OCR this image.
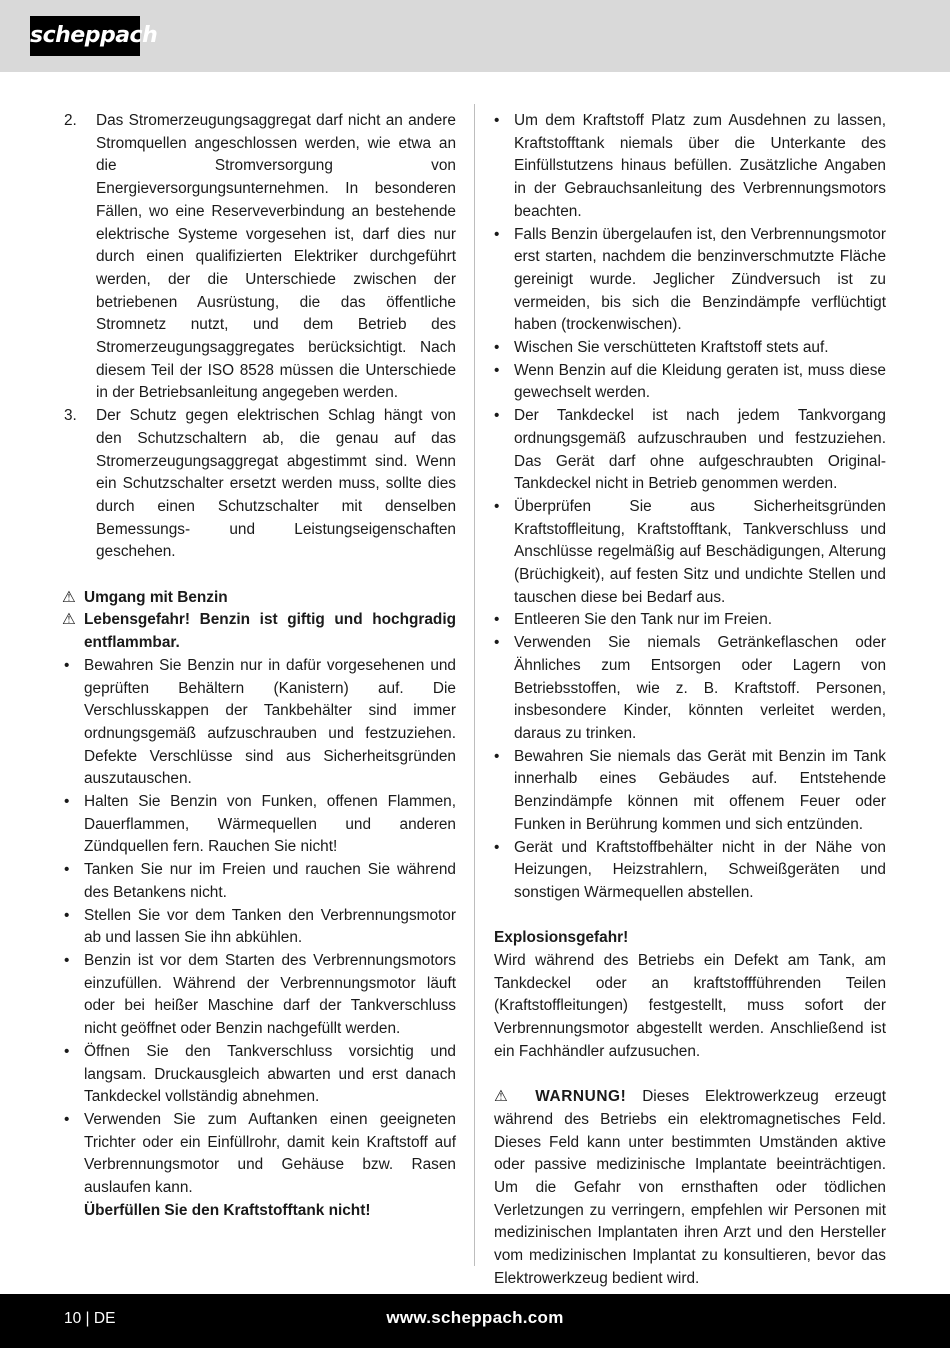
scheppach
2. Das Stromerzeugungsaggregat darf nicht an andere Stromquellen angeschlossen werden, wie etwa an die Stromversorgung von Energieversorgungsunternehmen. In besonderen Fällen, wo eine Reserveverbindung an bestehende elektrische Systeme vorgesehen ist, darf dies nur durch einen qualifizierten Elektriker durchgeführt werden, der die Unterschiede zwischen der betriebenen Ausrüstung, die das öffentliche Stromnetz nutzt, und dem Betrieb des Stromerzeugungsaggregates berücksichtigt. Nach diesem Teil der ISO 8528 müssen die Unterschiede in der Betriebsanleitung angegeben werden.
3. Der Schutz gegen elektrischen Schlag hängt von den Schutzschaltern ab, die genau auf das Stromerzeugungsaggregat abgestimmt sind. Wenn ein Schutzschalter ersetzt werden muss, sollte dies durch einen Schutzschalter mit denselben Bemessungs- und Leistungseigenschaften geschehen.
⚠ Umgang mit Benzin
⚠ Lebensgefahr! Benzin ist giftig und hochgradig entflammbar.
• Bewahren Sie Benzin nur in dafür vorgesehenen und geprüften Behältern (Kanistern) auf. Die Verschlusskappen der Tankbehälter sind immer ordnungsgemäß aufzuschrauben und festzuziehen. Defekte Verschlüsse sind aus Sicherheitsgründen auszutauschen.
• Halten Sie Benzin von Funken, offenen Flammen, Dauerflammen, Wärmequellen und anderen Zündquellen fern. Rauchen Sie nicht!
• Tanken Sie nur im Freien und rauchen Sie während des Betankens nicht.
• Stellen Sie vor dem Tanken den Verbrennungsmotor ab und lassen Sie ihn abkühlen.
• Benzin ist vor dem Starten des Verbrennungsmotors einzufüllen. Während der Verbrennungsmotor läuft oder bei heißer Maschine darf der Tankverschluss nicht geöffnet oder Benzin nachgefüllt werden.
• Öffnen Sie den Tankverschluss vorsichtig und langsam. Druckausgleich abwarten und erst danach Tankdeckel vollständig abnehmen.
• Verwenden Sie zum Auftanken einen geeigneten Trichter oder ein Einfüllrohr, damit kein Kraftstoff auf Verbrennungsmotor und Gehäuse bzw. Rasen auslaufen kann.
Überfüllen Sie den Kraftstofftank nicht!
• Um dem Kraftstoff Platz zum Ausdehnen zu lassen, Kraftstofftank niemals über die Unterkante des Einfüllstutzens hinaus befüllen. Zusätzliche Angaben in der Gebrauchsanleitung des Verbrennungsmotors beachten.
• Falls Benzin übergelaufen ist, den Verbrennungsmotor erst starten, nachdem die benzinverschmutzte Fläche gereinigt wurde. Jeglicher Zündversuch ist zu vermeiden, bis sich die Benzindämpfe verflüchtigt haben (trockenwischen).
• Wischen Sie verschütteten Kraftstoff stets auf.
• Wenn Benzin auf die Kleidung geraten ist, muss diese gewechselt werden.
• Der Tankdeckel ist nach jedem Tankvorgang ordnungsgemäß aufzuschrauben und festzuziehen. Das Gerät darf ohne aufgeschraubten Original-Tankdeckel nicht in Betrieb genommen werden.
• Überprüfen Sie aus Sicherheitsgründen Kraftstoffleitung, Kraftstofftank, Tankverschluss und Anschlüsse regelmäßig auf Beschädigungen, Alterung (Brüchigkeit), auf festen Sitz und undichte Stellen und tauschen diese bei Bedarf aus.
• Entleeren Sie den Tank nur im Freien.
• Verwenden Sie niemals Getränkeflaschen oder Ähnliches zum Entsorgen oder Lagern von Betriebsstoffen, wie z. B. Kraftstoff. Personen, insbesondere Kinder, könnten verleitet werden, daraus zu trinken.
• Bewahren Sie niemals das Gerät mit Benzin im Tank innerhalb eines Gebäudes auf. Entstehende Benzindämpfe können mit offenem Feuer oder Funken in Berührung kommen und sich entzünden.
• Gerät und Kraftstoffbehälter nicht in der Nähe von Heizungen, Heizstrahlern, Schweißgeräten und sonstigen Wärmequellen abstellen.
Explosionsgefahr!
Wird während des Betriebs ein Defekt am Tank, am Tankdeckel oder an kraftstoffführenden Teilen (Kraftstoffleitungen) festgestellt, muss sofort der Verbrennungsmotor abgestellt werden. Anschließend ist ein Fachhändler aufzusuchen.
⚠ WARNUNG! Dieses Elektrowerkzeug erzeugt während des Betriebs ein elektromagnetisches Feld. Dieses Feld kann unter bestimmten Umständen aktive oder passive medizinische Implantate beeinträchtigen. Um die Gefahr von ernsthaften oder tödlichen Verletzungen zu verringern, empfehlen wir Personen mit medizinischen Implantaten ihren Arzt und den Hersteller vom medizinischen Implantat zu konsultieren, bevor das Elektrowerkzeug bedient wird.
10 | DE	www.scheppach.com
